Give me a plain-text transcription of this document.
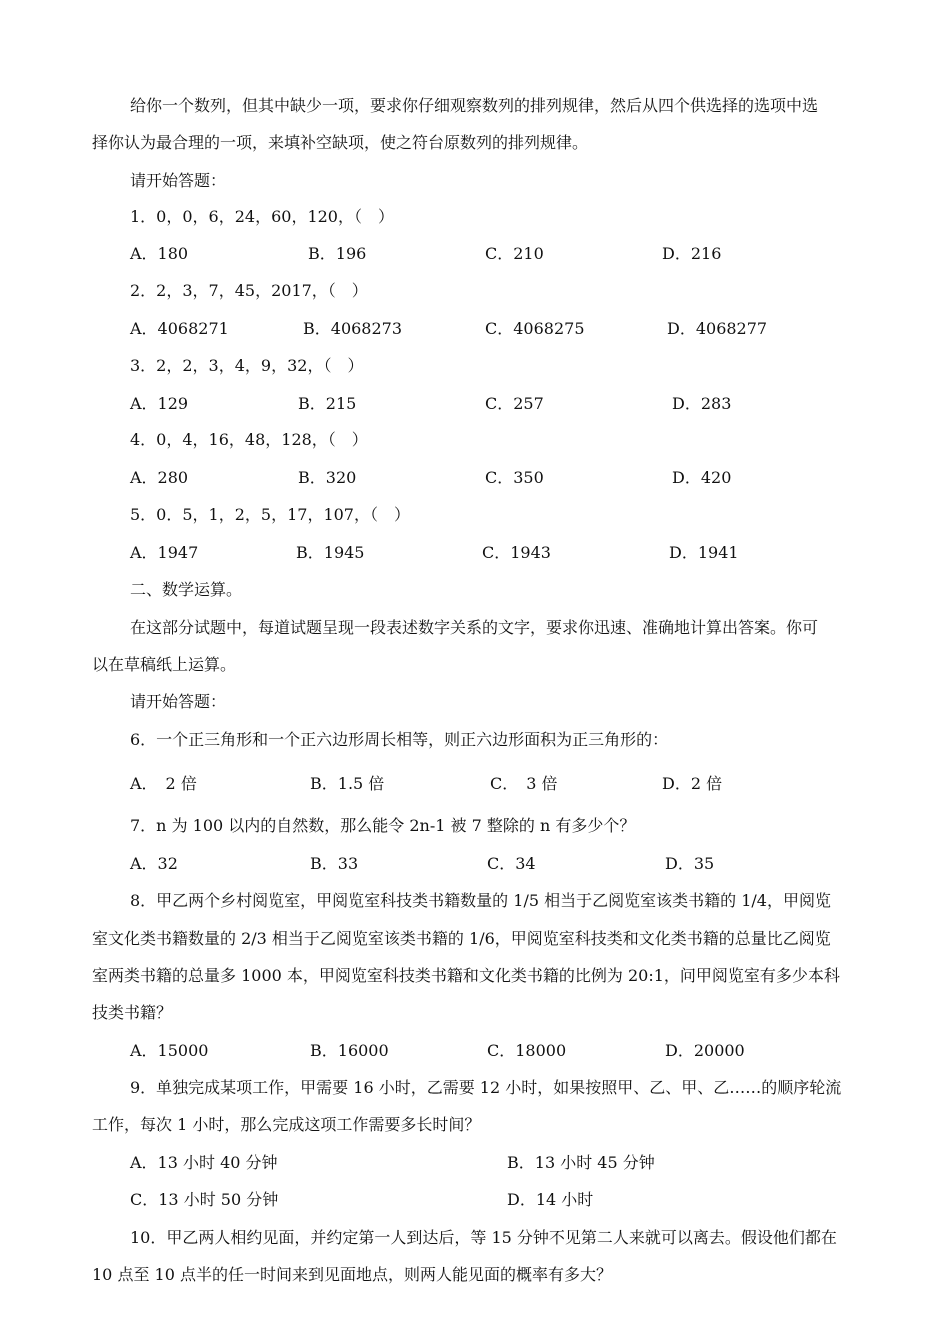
给你一个数列，但其中缺少一项，要求你仔细观察数列的排列规律，然后从四个供选择的选项中选
择你认为最合理的一项，来填补空缺项，使之符台原数列的排列规律。
请开始答题：
1．0，0，6，24，60，120，（　）
A．180	B．196	C．210	D．216
2．2，3，7，45，2017，（　）
A．4068271	B．4068273	C．4068275	D．4068277
3．2，2，3，4，9，32，（　）
A．129	B．215	C．257	D．283
4．0，4，16，48，128，（　）
A．280	B．320	C．350	D．420
5．0．5，1，2，5，17，107，（　）
A．1947	B．1945	C．1943	D．1941
二、数学运算。
在这部分试题中，每道试题呈现一段表述数字关系的文字，要求你迅速、准确地计算出答案。你可
以在草稿纸上运算。
请开始答题：
6．一个正三角形和一个正六边形周长相等，则正六边形面积为正三角形的：
A．　2 倍	B．1.5 倍	C．　3 倍	D．2 倍
7．n 为 100 以内的自然数，那么能令 2n-1 被 7 整除的 n 有多少个？
A．32	B．33	C．34	D．35
8．甲乙两个乡村阅览室，甲阅览室科技类书籍数量的 1/5 相当于乙阅览室该类书籍的 1/4，甲阅览
室文化类书籍数量的 2/3 相当于乙阅览室该类书籍的 1/6，甲阅览室科技类和文化类书籍的总量比乙阅览
室两类书籍的总量多 1000 本，甲阅览室科技类书籍和文化类书籍的比例为 20:1，问甲阅览室有多少本科
技类书籍？
A．15000	B．16000	C．18000	D．20000
9．单独完成某项工作，甲需要 16 小时，乙需要 12 小时，如果按照甲、乙、甲、乙……的顺序轮流
工作，每次 1 小时，那么完成这项工作需要多长时间？
A．13 小时 40 分钟	B．13 小时 45 分钟
C．13 小时 50 分钟	D．14 小时
10．甲乙两人相约见面，并约定第一人到达后，等 15 分钟不见第二人来就可以离去。假设他们都在
10 点至 10 点半的任一时间来到见面地点，则两人能见面的概率有多大？
